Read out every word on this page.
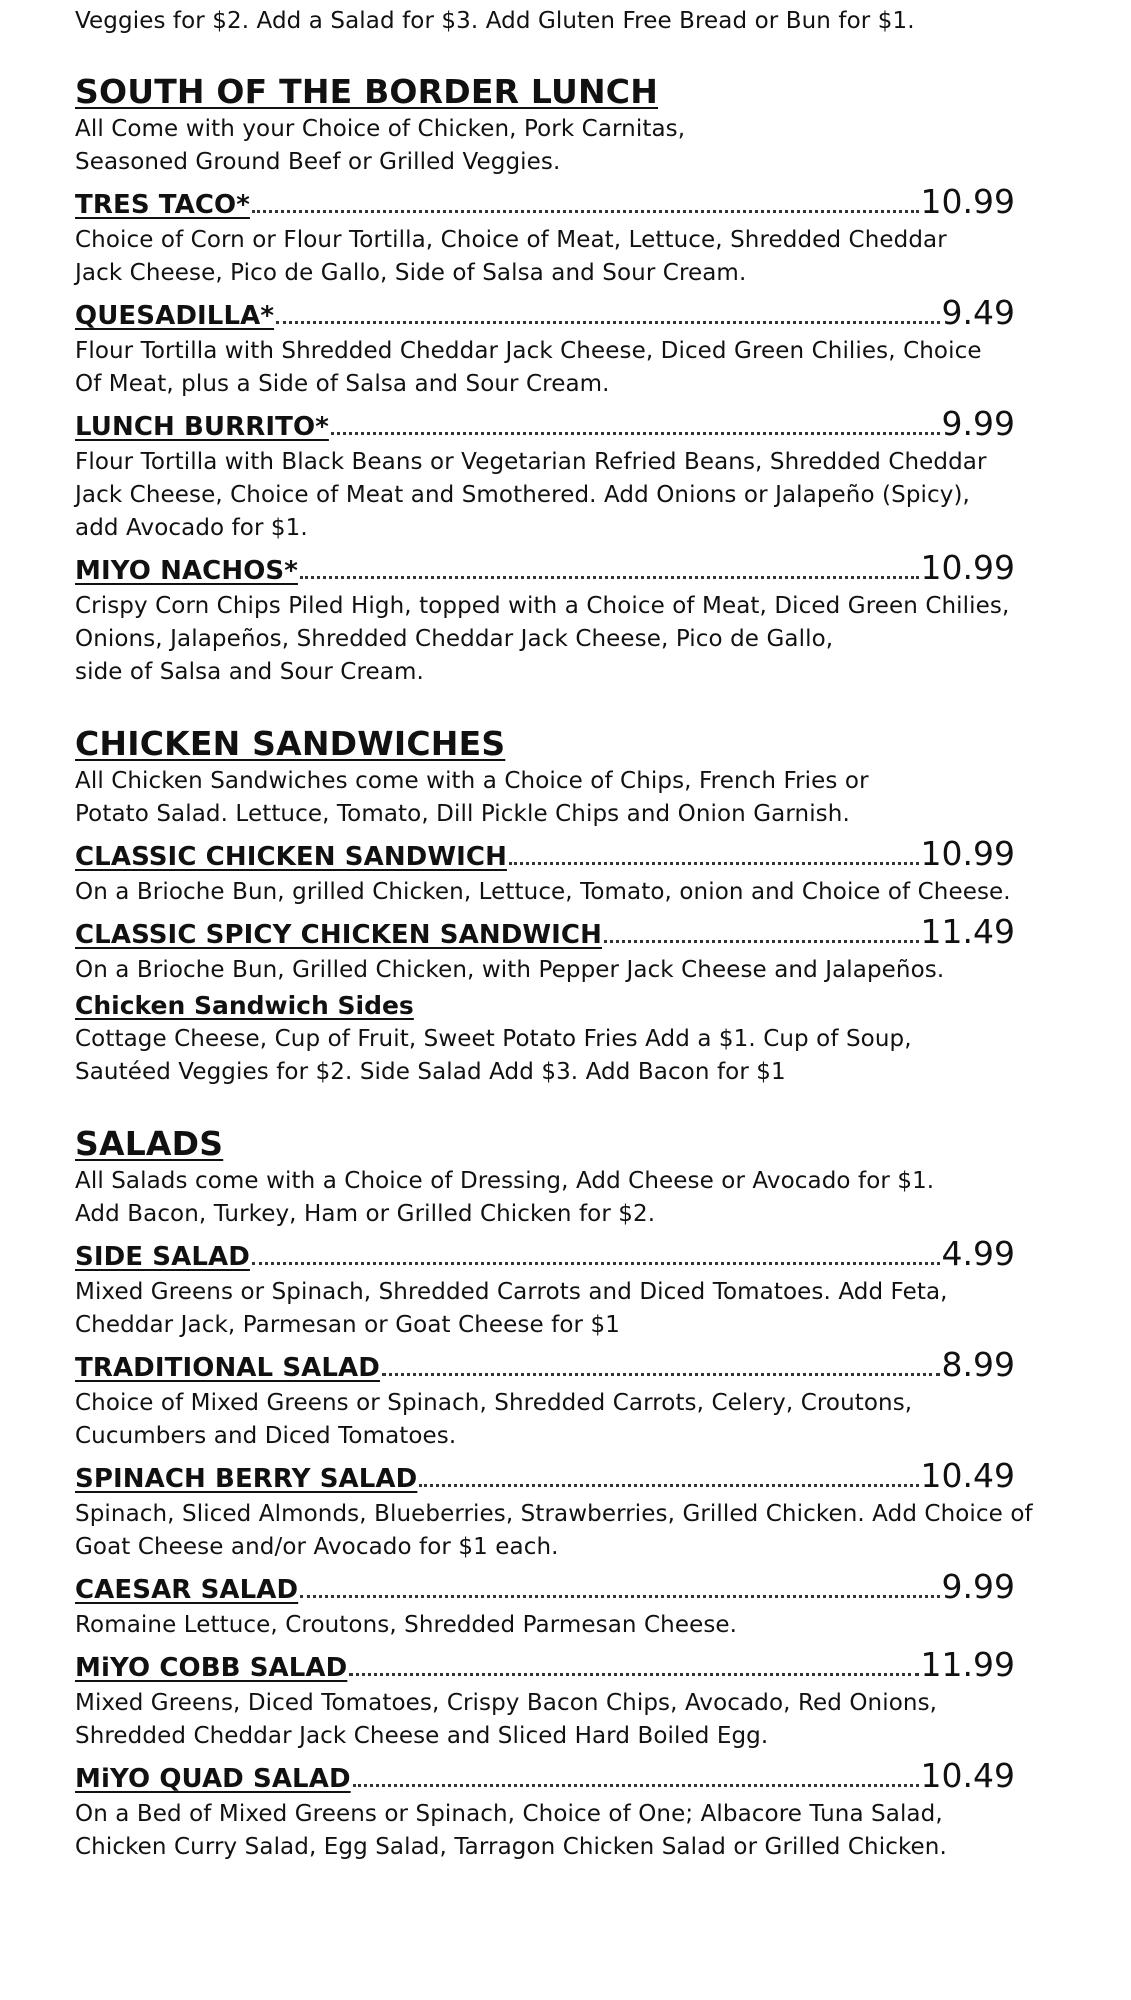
Veggies for $2. Add a Salad for $3. Add Gluten Free Bread or Bun for $1.
SOUTH OF THE BORDER LUNCH

All Come with your Choice of Chicken, Pork Carnitas,
Seasoned Ground Beef or Grilled Veggies.

TRES TACO*	10.99

Choice of Corn or Flour Tortilla, Choice of Meat, Lettuce, Shredded Cheddar
Jack Cheese, Pico de Gallo, Side of Salsa and Sour Cream.

QUESADILLA*	9.49

Flour Tortilla with Shredded Cheddar Jack Cheese, Diced Green Chilies, Choice
Of Meat, plus a Side of Salsa and Sour Cream.

LUNCH BURRITO*	9.99

Flour Tortilla with Black Beans or Vegetarian Refried Beans, Shredded Cheddar
Jack Cheese, Choice of Meat and Smothered. Add Onions or Jalapeño (Spicy),
add Avocado for $1.

MIYO NACHOS*	10.99

Crispy Corn Chips Piled High, topped with a Choice of Meat, Diced Green Chilies,
Onions, Jalapeños, Shredded Cheddar Jack Cheese, Pico de Gallo,
side of Salsa and Sour Cream.

CHICKEN SANDWICHES

All Chicken Sandwiches come with a Choice of Chips, French Fries or
Potato Salad. Lettuce, Tomato, Dill Pickle Chips and Onion Garnish.

CLASSIC CHICKEN SANDWICH	10.99

On a Brioche Bun, grilled Chicken, Lettuce, Tomato, onion and Choice of Cheese.

CLASSIC SPICY CHICKEN SANDWICH	11.49

On a Brioche Bun, Grilled Chicken, with Pepper Jack Cheese and Jalapeños.

Chicken Sandwich Sides

Cottage Cheese, Cup of Fruit, Sweet Potato Fries Add a $1. Cup of Soup,
Sautéed Veggies for $2. Side Salad Add $3. Add Bacon for $1

SALADS

All Salads come with a Choice of Dressing, Add Cheese or Avocado for $1.
Add Bacon, Turkey, Ham or Grilled Chicken for $2.

SIDE SALAD	4.99

Mixed Greens or Spinach, Shredded Carrots and Diced Tomatoes. Add Feta,
Cheddar Jack, Parmesan or Goat Cheese for $1

TRADITIONAL SALAD	8.99

Choice of Mixed Greens or Spinach, Shredded Carrots, Celery, Croutons,
Cucumbers and Diced Tomatoes.

SPINACH BERRY SALAD	10.49

Spinach, Sliced Almonds, Blueberries, Strawberries, Grilled Chicken. Add Choice of
Goat Cheese and/or Avocado for $1 each.

CAESAR SALAD	9.99

Romaine Lettuce, Croutons, Shredded Parmesan Cheese.

MiYO COBB SALAD	11.99

Mixed Greens, Diced Tomatoes, Crispy Bacon Chips, Avocado, Red Onions,
Shredded Cheddar Jack Cheese and Sliced Hard Boiled Egg.

MiYO QUAD SALAD	10.49

On a Bed of Mixed Greens or Spinach, Choice of One; Albacore Tuna Salad,
Chicken Curry Salad, Egg Salad, Tarragon Chicken Salad or Grilled Chicken.
